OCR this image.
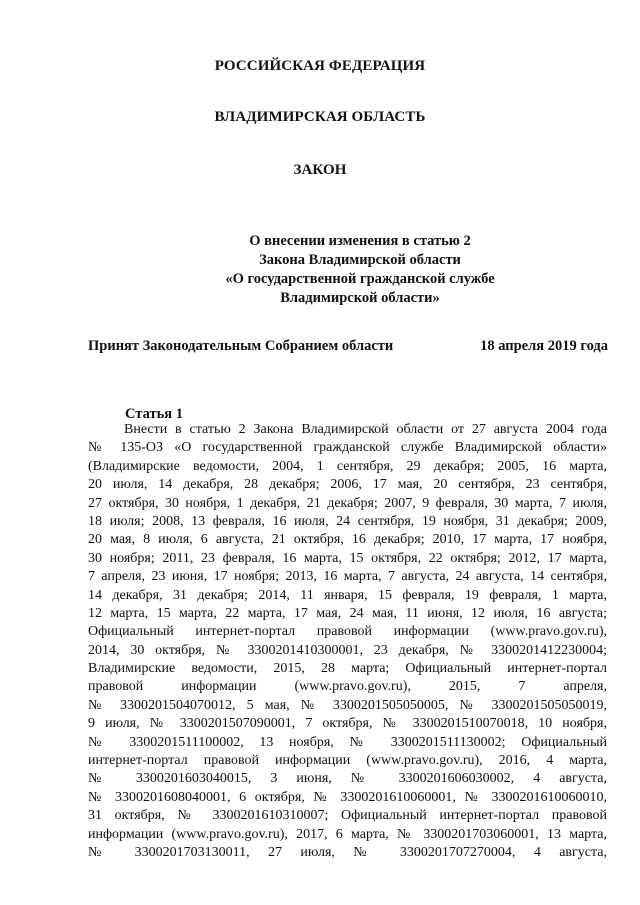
РОССИЙСКАЯ ФЕДЕРАЦИЯ
ВЛАДИМИРСКАЯ ОБЛАСТЬ
ЗАКОН
О внесении изменения в статью 2
Закона Владимирской области
«О государственной гражданской службе
Владимирской области»
Принят Законодательным Собранием области	18 апреля 2019 года
Статья 1
Внести в статью 2 Закона Владимирской области от 27 августа 2004 года
№ 135-ОЗ «О государственной гражданской службе Владимирской области»
(Владимирские ведомости, 2004, 1 сентября, 29 декабря; 2005, 16 марта,
20 июля, 14 декабря, 28 декабря; 2006, 17 мая, 20 сентября, 23 сентября,
27 октября, 30 ноября, 1 декабря, 21 декабря; 2007, 9 февраля, 30 марта, 7 июля,
18 июля; 2008, 13 февраля, 16 июля, 24 сентября, 19 ноября, 31 декабря; 2009,
20 мая, 8 июля, 6 августа, 21 октября, 16 декабря; 2010, 17 марта, 17 ноября,
30 ноября; 2011, 23 февраля, 16 марта, 15 октября, 22 октября; 2012, 17 марта,
7 апреля, 23 июня, 17 ноября; 2013, 16 марта, 7 августа, 24 августа, 14 сентября,
14 декабря, 31 декабря; 2014, 11 января, 15 февраля, 19 февраля, 1 марта,
12 марта, 15 марта, 22 марта, 17 мая, 24 мая, 11 июня, 12 июля, 16 августа;
Официальный интернет-портал правовой информации (www.pravo.gov.ru),
2014, 30 октября, № 3300201410300001, 23 декабря, № 3300201412230004;
Владимирские ведомости, 2015, 28 марта; Официальный интернет-портал
правовой информации (www.pravo.gov.ru), 2015, 7 апреля,
№ 3300201504070012, 5 мая, № 3300201505050005, № 3300201505050019,
9 июля, № 3300201507090001, 7 октября, № 3300201510070018, 10 ноября,
№ 3300201511100002, 13 ноября, № 3300201511130002; Официальный
интернет-портал правовой информации (www.pravo.gov.ru), 2016, 4 марта,
№ 3300201603040015, 3 июня, № 3300201606030002, 4 августа,
№ 3300201608040001, 6 октября, № 3300201610060001, № 3300201610060010,
31 октября, № 3300201610310007; Официальный интернет-портал правовой
информации (www.pravo.gov.ru), 2017, 6 марта, № 3300201703060001, 13 марта,
№ 3300201703130011, 27 июля, № 3300201707270004, 4 августа,
